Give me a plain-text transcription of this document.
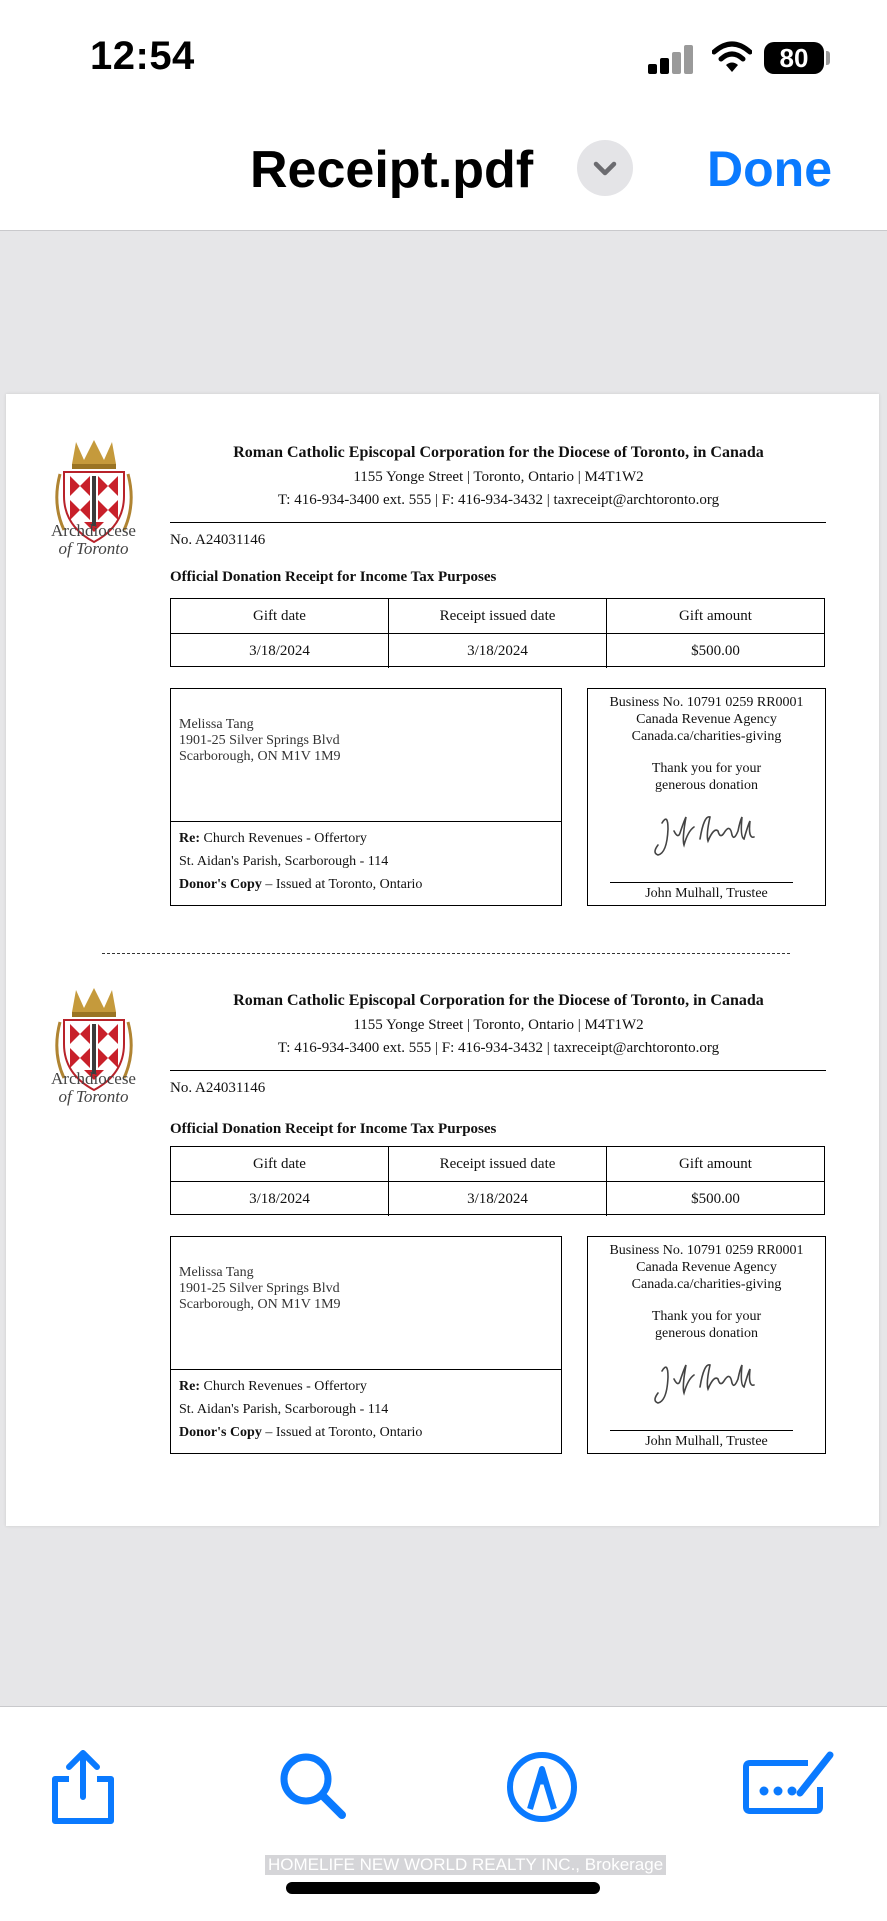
12:54	80
Receipt.pdf	Done
Archdiocese
of Toronto
Roman Catholic Episcopal Corporation for the Diocese of Toronto, in Canada
1155 Yonge Street | Toronto, Ontario | M4T1W2
T: 416-934-3400 ext. 555 | F: 416-934-3432 | taxreceipt@archtoronto.org
No. A24031146
Official Donation Receipt for Income Tax Purposes
Gift date	Receipt issued date	Gift amount
3/18/2024	3/18/2024	$500.00
Melissa Tang
1901-25 Silver Springs Blvd
Scarborough, ON M1V 1M9
Re: Church Revenues - Offertory
St. Aidan's Parish, Scarborough - 114
Donor's Copy – Issued at Toronto, Ontario
Business No. 10791 0259 RR0001
Canada Revenue Agency
Canada.ca/charities-giving
Thank you for your
generous donation
John Mulhall, Trustee
Archdiocese
of Toronto
Roman Catholic Episcopal Corporation for the Diocese of Toronto, in Canada
1155 Yonge Street | Toronto, Ontario | M4T1W2
T: 416-934-3400 ext. 555 | F: 416-934-3432 | taxreceipt@archtoronto.org
No. A24031146
Official Donation Receipt for Income Tax Purposes
Gift date	Receipt issued date	Gift amount
3/18/2024	3/18/2024	$500.00
Melissa Tang
1901-25 Silver Springs Blvd
Scarborough, ON M1V 1M9
Re: Church Revenues - Offertory
St. Aidan's Parish, Scarborough - 114
Donor's Copy – Issued at Toronto, Ontario
Business No. 10791 0259 RR0001
Canada Revenue Agency
Canada.ca/charities-giving
Thank you for your
generous donation
John Mulhall, Trustee
HOMELIFE NEW WORLD REALTY INC., Brokerage
